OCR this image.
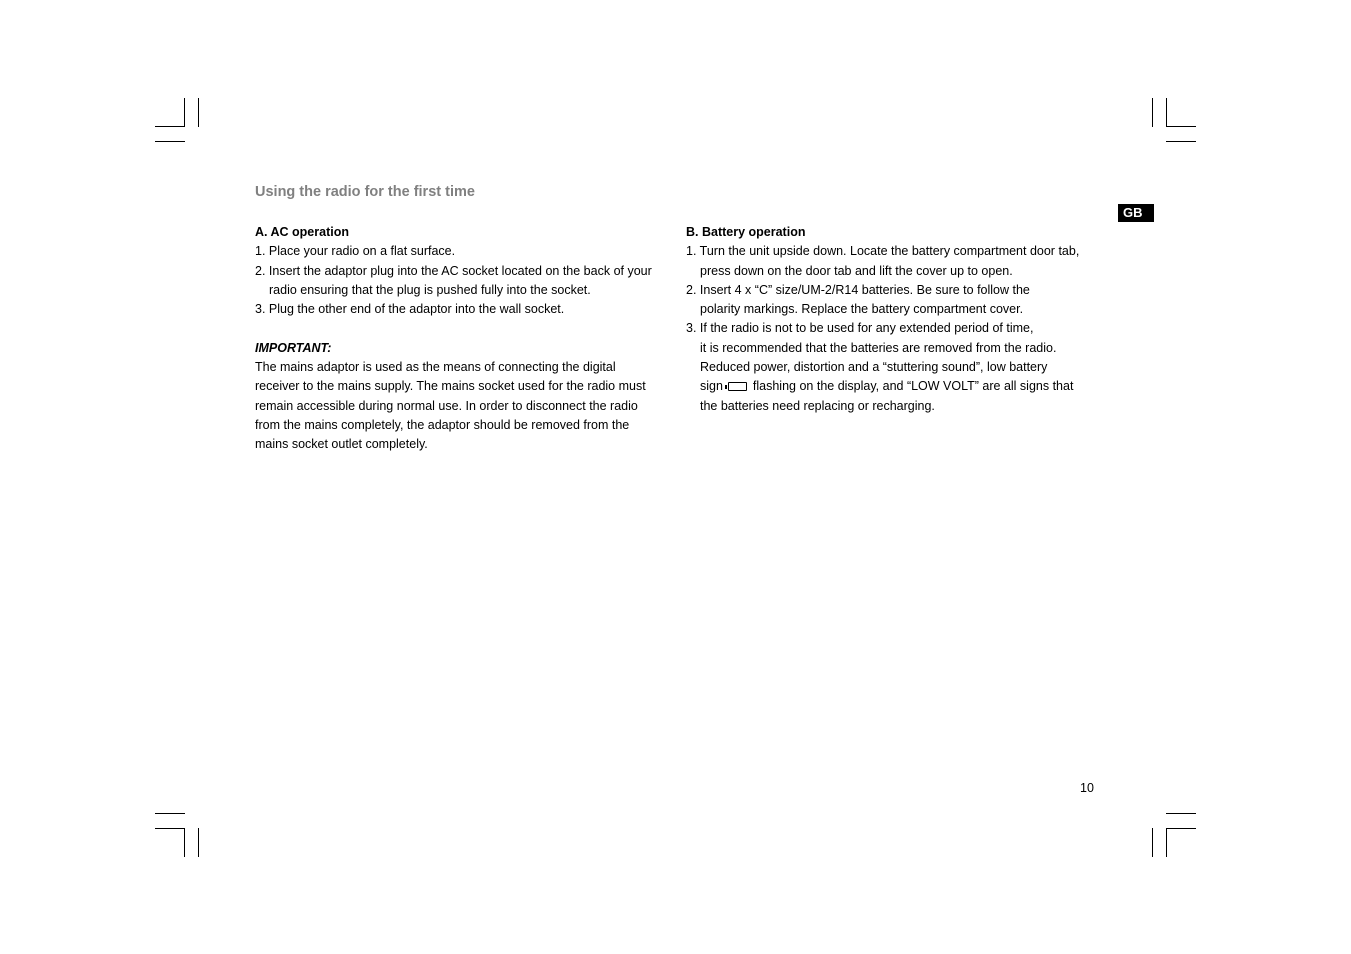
Using the radio for the first time
GB
A. AC operation
1. Place your radio on a flat surface.
2. Insert the adaptor plug into the AC socket located on the back of your
radio ensuring that the plug is pushed fully into the socket.
3. Plug the other end of the adaptor into the wall socket.
IMPORTANT:
The mains adaptor is used as the means of connecting the digital
receiver to the mains supply. The mains socket used for the radio must
remain accessible during normal use. In order to disconnect the radio
from the mains completely, the adaptor should be removed from the
mains socket outlet completely.
B. Battery operation
1. Turn the unit upside down. Locate the battery compartment door tab,
press down on the door tab and lift the cover up to open.
2. Insert 4 x “C” size/UM-2/R14 batteries. Be sure to follow the
polarity markings. Replace the battery compartment cover.
3. If the radio is not to be used for any extended period of time,
it is recommended that the batteries are removed from the radio.
Reduced power, distortion and a “stuttering sound”, low battery
sign flashing on the display, and “LOW VOLT” are all signs that
the batteries need replacing or recharging.
10
